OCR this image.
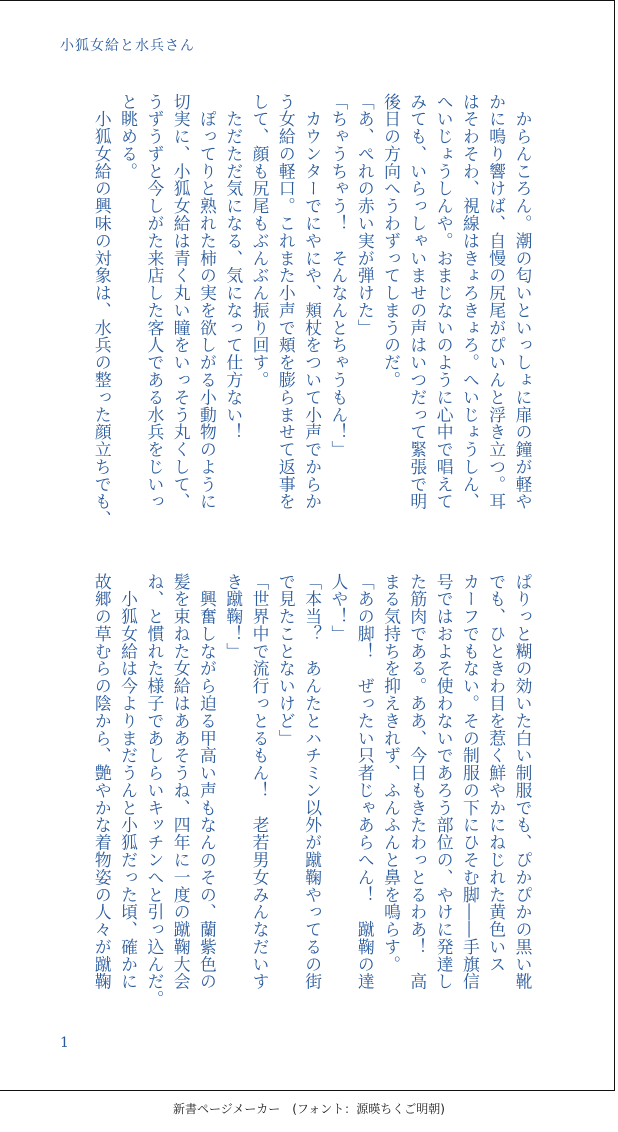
小狐女給と水兵さん
　からんころん。潮の匂いといっしょに扉の鐘が軽や
かに鳴り響けば、自慢の尻尾がぴいんと浮き立つ。耳
はそわそわ、視線はきょろきょろ。へいじょうしん、
へいじょうしんや。おまじないのように心中で唱えて
みても、いらっしゃいませの声はいつだって緊張で明
後日の方向へうわずってしまうのだ。
「あ、ぺれの赤い実が弾けた」
「ちゃうちゃう！　そんなんとちゃうもん！」
　カウンターでにやにや、頬杖をついて小声でからか
う女給の軽口。これまた小声で頬を膨らませて返事を
して、顔も尻尾もぶんぶん振り回す。
　ただただ気になる、気になって仕方ない！
　ぽってりと熟れた柿の実を欲しがる小動物のように
切実に、小狐女給は青く丸い瞳をいっそう丸くして、
うずうずと今しがた来店した客人である水兵をじいっ
と眺める。
　小狐女給の興味の対象は、水兵の整った顔立ちでも、
ぱりっと糊の効いた白い制服でも、ぴかぴかの黒い靴
でも、ひときわ目を惹く鮮やかにねじれた黄色いス
カーフでもない。その制服の下にひそむ脚――手旗信
号ではおよそ使わないであろう部位の、やけに発達し
た筋肉である。ああ、今日もきたわっとるわあ！　高
まる気持ちを抑えきれず、ふんふんと鼻を鳴らす。
「あの脚！　ぜったい只者じゃあらへん！　蹴鞠の達
人や！」
「本当？　あんたとハチミン以外が蹴鞠やってるの街
で見たことないけど」
「世界中で流行っとるもん！　老若男女みんなだいす
き蹴鞠！」
　興奮しながら迫る甲高い声もなんのその、蘭紫色の
髪を束ねた女給はああそうね、四年に一度の蹴鞠大会
ね、と慣れた様子であしらいキッチンへと引っ込んだ。
　小狐女給は今よりまだうんと小狐だった頃、確かに
故郷の草むらの陰から、艶やかな着物姿の人々が蹴鞠
1
新書ページメーカー　(フォント：源暎ちくご明朝)
